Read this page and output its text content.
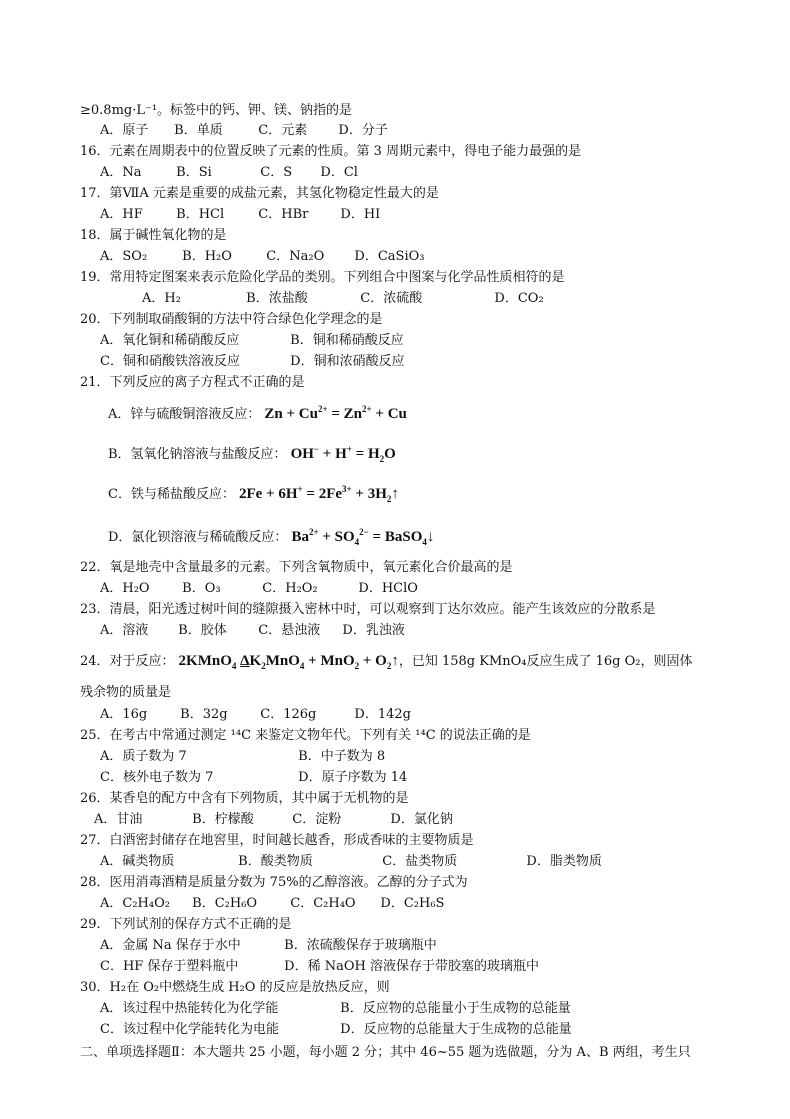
≥0.8mg·L⁻¹。标签中的钙、钾、镁、钠指的是
A．原子 B．单质	C．元素 D．分子
16．元素在周期表中的位置反映了元素的性质。第 3 周期元素中，得电子能力最强的是
A．Na	B．Si	C．S D．Cl
17．第ⅦA 元素是重要的成盐元素，其氢化物稳定性最大的是
A．HF	B．HCl	C．HBr D．HI
18．属于碱性氧化物的是
A．SO₂	B．H₂O	C．Na₂O D．CaSiO₃
19．常用特定图案来表示危险化学品的类别。下列组合中图案与化学品性质相符的是
A．H₂	B．浓盐酸	C．浓硫酸	D．CO₂
20．下列制取硝酸铜的方法中符合绿色化学理念的是
A．氧化铜和稀硝酸反应	B．铜和稀硝酸反应
C．铜和硝酸铁溶液反应	D．铜和浓硝酸反应
21．下列反应的离子方程式不正确的是
A．锌与硫酸铜溶液反应： $Zn + Cu^{2+} = Zn^{2+} + Cu$
B．氢氧化钠溶液与盐酸反应： $OH^- + H^+ = H_2O$
C．铁与稀盐酸反应： $2Fe + 6H^+ = 2Fe^{3+}$ + $3H_2↑$
D．氯化钡溶液与稀硫酸反应： $Ba^{2+} + SO_4^{2-}$ = BaSO$_4$↓
22．氧是地壳中含量最多的元素。下列含氧物质中，氧元素化合价最高的是
A．H₂O	B．O₃	C．H₂O₂	D．HClO
23．清晨，阳光透过树叶间的缝隙摄入密林中时，可以观察到丁达尔效应。能产生该效应的分散系是
A．溶液 B．胶体 C．悬浊液 D．乳浊液
24．对于反应： 2KMnO$_4$ $\Delta K_2MnO_4 + MnO_2$ + $O_2↑$，已知 158g KMnO₄反应生成了 16g O₂，则固体
残余物的质量是
A．16g	B．32g	C．126g	D．142g
25．在考古中常通过测定 ¹⁴C 来鉴定文物年代。下列有关 ¹⁴C 的说法正确的是
A．质子数为 7	B．中子数为 8
C．核外电子数为 7	D．原子序数为 14
26．某香皂的配方中含有下列物质，其中属于无机物的是
A．甘油	B．柠檬酸	C．淀粉	D．氯化钠
27．白酒密封储存在地窖里，时间越长越香，形成香味的主要物质是
A．碱类物质	B．酸类物质	C．盐类物质	D．脂类物质
28．医用消毒酒精是质量分数为 75%的乙醇溶液。乙醇的分子式为
A．C₂H₄O₂ B．C₂H₆O	C．C₂H₄O D．C₂H₆S
29．下列试剂的保存方式不正确的是
A．金属 Na 保存于水中	B．浓硫酸保存于玻璃瓶中
C．HF 保存于塑料瓶中	D．稀 NaOH 溶液保存于带胶塞的玻璃瓶中
30．H₂在 O₂中燃烧生成 H₂O 的反应是放热反应，则
A．该过程中热能转化为化学能	B．反应物的总能量小于生成物的总能量
C．该过程中化学能转化为电能	D．反应物的总能量大于生成物的总能量
二、单项选择题Ⅱ：本大题共 25 小题，每小题 2 分；其中 46~55 题为选做题，分为 A、B 两组，考生只
